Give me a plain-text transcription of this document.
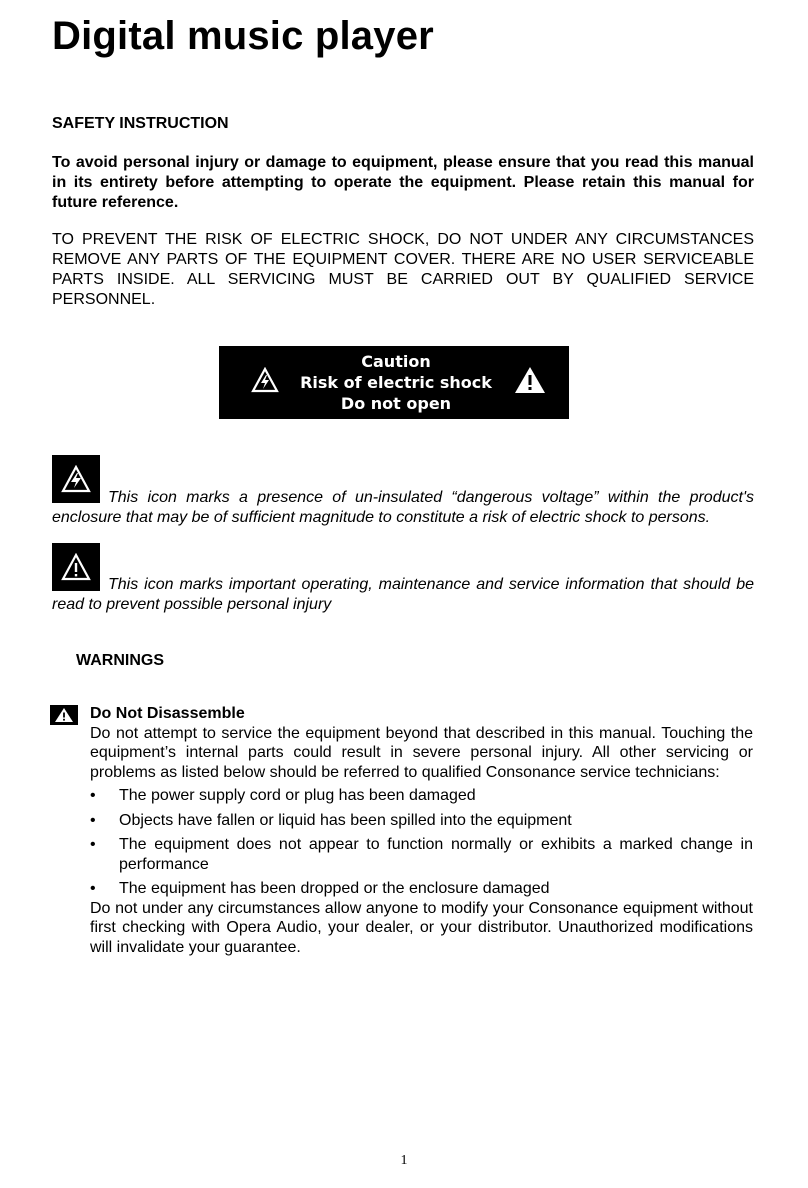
Digital music player
SAFETY INSTRUCTION

To avoid personal injury or damage to equipment, please ensure that you read this manual in its entirety before attempting to operate the equipment. Please retain this manual for future reference.

TO PREVENT THE RISK OF ELECTRIC SHOCK, DO NOT UNDER ANY CIRCUMSTANCES REMOVE ANY PARTS OF THE EQUIPMENT COVER. THERE ARE NO USER SERVICEABLE PARTS INSIDE. ALL SERVICING MUST BE CARRIED OUT BY QUALIFIED SERVICE PERSONNEL.

Caution
Risk of electric shock
Do not open

This icon marks a presence of un-insulated “dangerous voltage” within the product's enclosure that may be of sufficient magnitude to constitute a risk of electric shock to persons.

This icon marks important operating, maintenance and service information that should be read to prevent possible personal injury

WARNINGS
Do Not Disassemble

Do not attempt to service the equipment beyond that described in this manual. Touching the equipment’s internal parts could result in severe personal injury. All other servicing or problems as listed below should be referred to qualified Consonance service technicians:

• The power supply cord or plug has been damaged
• Objects have fallen or liquid has been spilled into the equipment
• The equipment does not appear to function normally or exhibits a marked change in performance
• The equipment has been dropped or the enclosure damaged

Do not under any circumstances allow anyone to modify your Consonance equipment without first checking with Opera Audio, your dealer, or your distributor. Unauthorized modifications will invalidate your guarantee.

1
